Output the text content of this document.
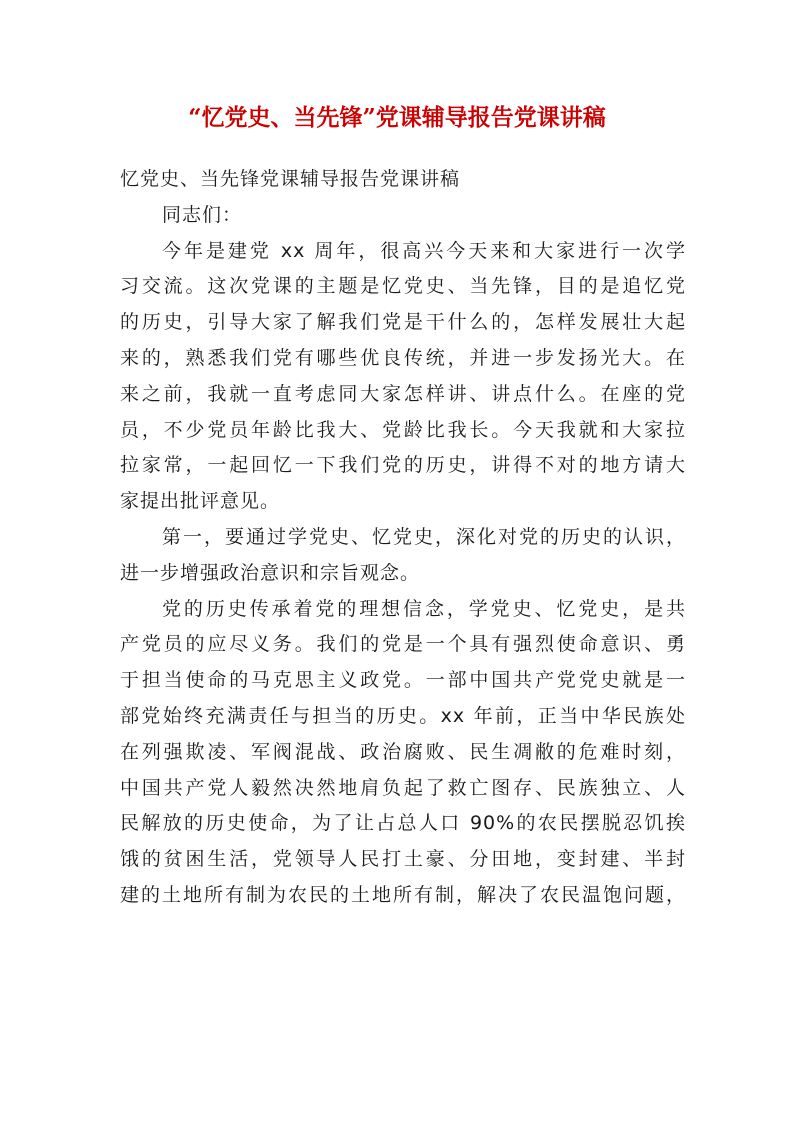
“忆党史、当先锋”党课辅导报告党课讲稿
忆党史、当先锋党课辅导报告党课讲稿
同志们：
今年是建党 xx 周年，很高兴今天来和大家进行一次学
习交流。这次党课的主题是忆党史、当先锋，目的是追忆党
的历史，引导大家了解我们党是干什么的，怎样发展壮大起
来的，熟悉我们党有哪些优良传统，并进一步发扬光大。在
来之前，我就一直考虑同大家怎样讲、讲点什么。在座的党
员，不少党员年龄比我大、党龄比我长。今天我就和大家拉
拉家常，一起回忆一下我们党的历史，讲得不对的地方请大
家提出批评意见。
第一，要通过学党史、忆党史，深化对党的历史的认识，
进一步增强政治意识和宗旨观念。
党的历史传承着党的理想信念，学党史、忆党史，是共
产党员的应尽义务。我们的党是一个具有强烈使命意识、勇
于担当使命的马克思主义政党。一部中国共产党党史就是一
部党始终充满责任与担当的历史。xx 年前，正当中华民族处
在列强欺凌、军阀混战、政治腐败、民生凋敝的危难时刻，
中国共产党人毅然决然地肩负起了救亡图存、民族独立、人
民解放的历史使命，为了让占总人口 90%的农民摆脱忍饥挨
饿的贫困生活，党领导人民打土豪、分田地，变封建、半封
建的土地所有制为农民的土地所有制，解决了农民温饱问题，
